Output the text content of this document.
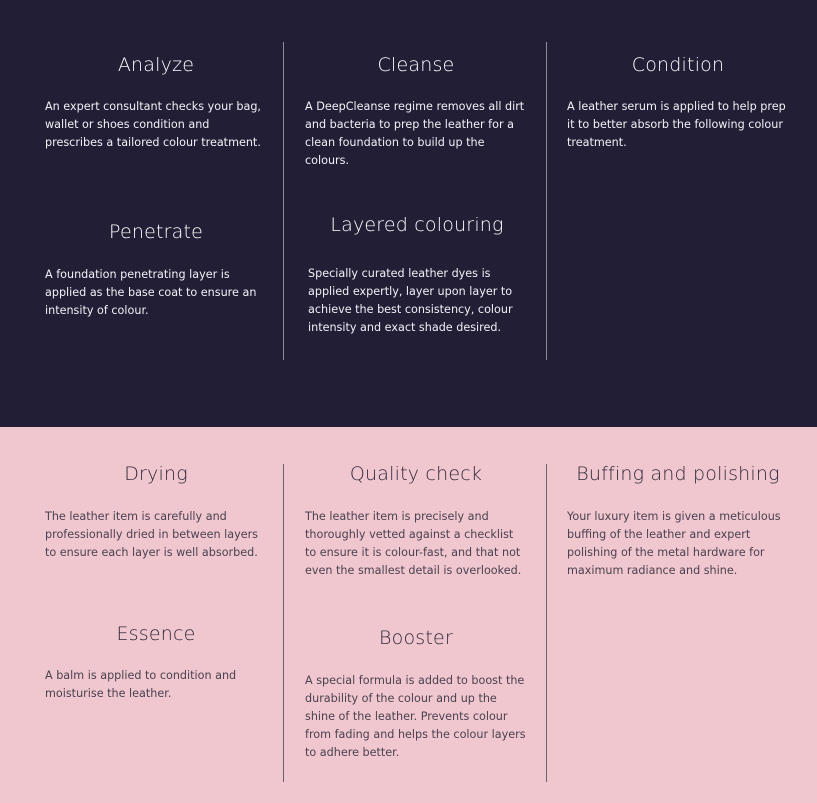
Analyze

An expert consultant checks your bag, wallet or shoes condition and prescribes a tailored colour treatment.

Cleanse

A DeepCleanse regime removes all dirt and bacteria to prep the leather for a clean foundation to build up the colours.

Condition

A leather serum is applied to help prep it to better absorb the following colour treatment.

Penetrate

A foundation penetrating layer is applied as the base coat to ensure an intensity of colour.

Layered colouring

Specially curated leather dyes is applied expertly, layer upon layer to achieve the best consistency, colour intensity and exact shade desired.

Drying

The leather item is carefully and professionally dried in between layers to ensure each layer is well absorbed.

Quality check

The leather item is precisely and thoroughly vetted against a checklist to ensure it is colour-fast, and that not even the smallest detail is overlooked.

Buffing and polishing

Your luxury item is given a meticulous buffing of the leather and expert polishing of the metal hardware for maximum radiance and shine.

Essence

A balm is applied to condition and moisturise the leather.

Booster

A special formula is added to boost the durability of the colour and up the shine of the leather. Prevents colour from fading and helps the colour layers to adhere better.
